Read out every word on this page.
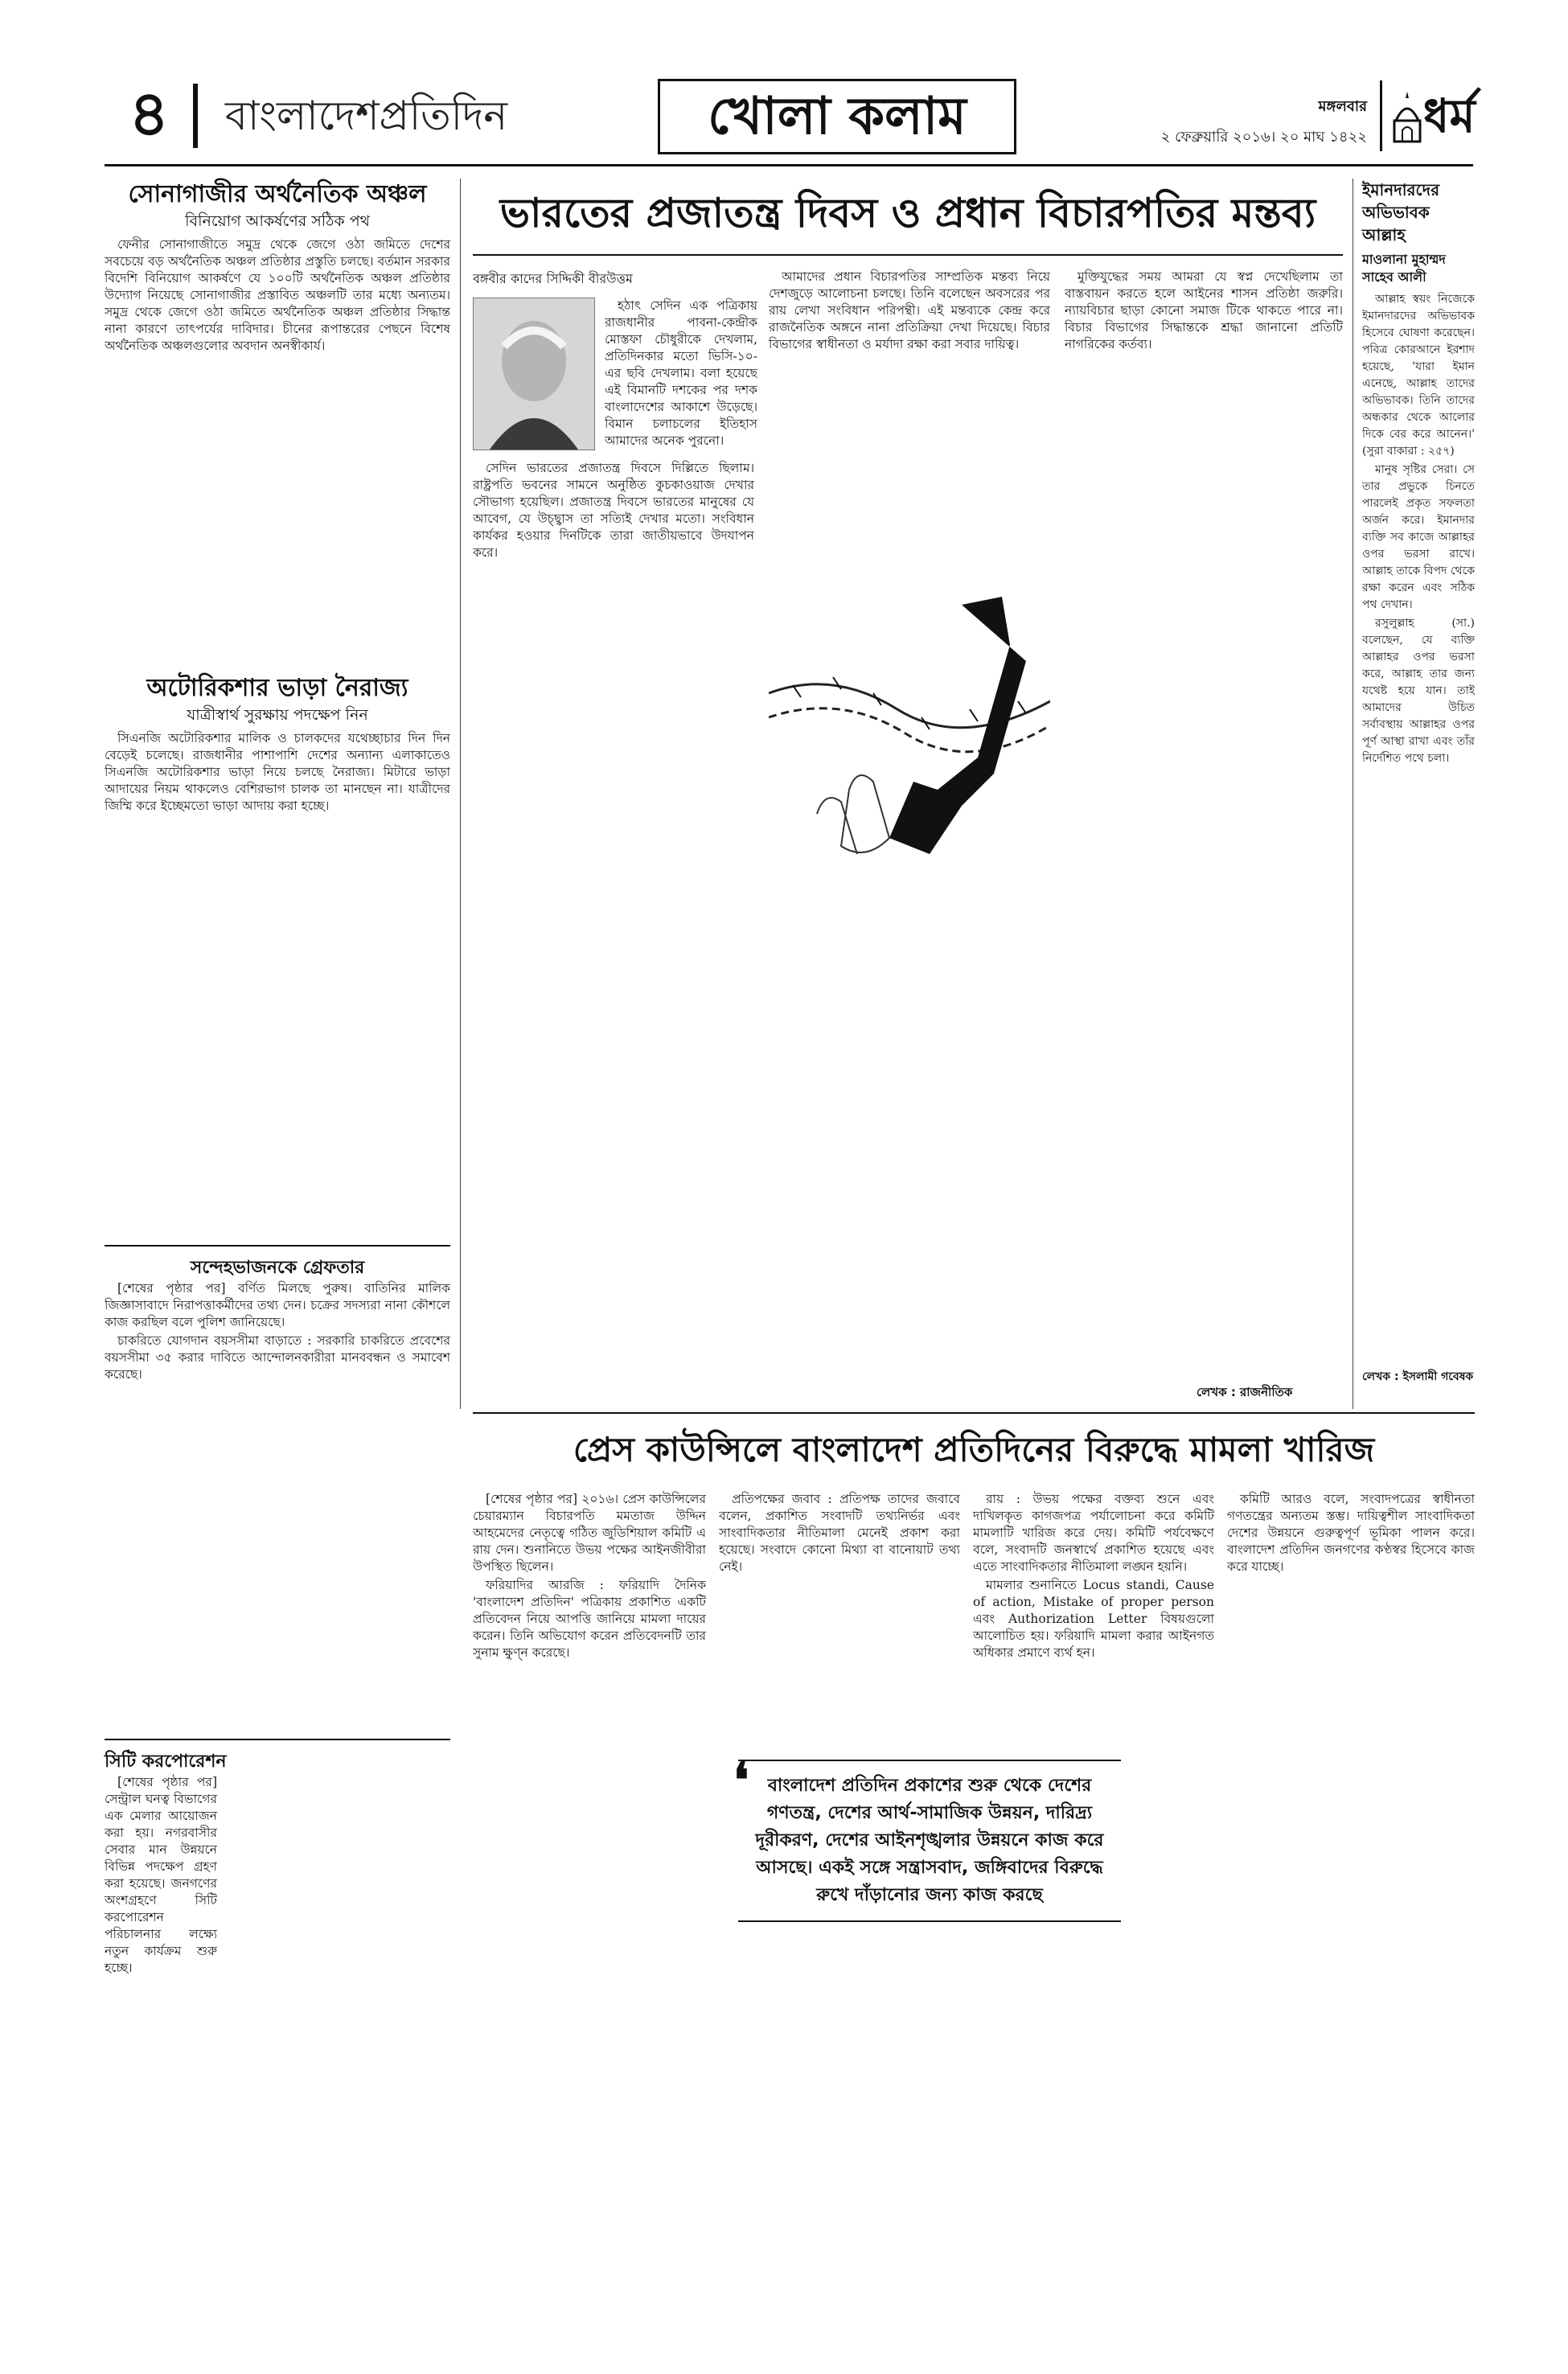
৪ বাংলাদেশপ্রতিদিন	খোলা কলাম	মঙ্গলবার
২ ফেব্রুয়ারি ২০১৬। ২০ মাঘ ১৪২২ ধর্ম
সোনাগাজীর অর্থনৈতিক অঞ্চল
বিনিয়োগ আকর্ষণের সঠিক পথ

ফেনীর সোনাগাজীতে সমুদ্র থেকে জেগে ওঠা জমিতে দেশের সবচেয়ে বড় অর্থনৈতিক অঞ্চল প্রতিষ্ঠার প্রস্তুতি চলছে। বর্তমান সরকার বিদেশি বিনিয়োগ আকর্ষণে যে ১০০টি অর্থনৈতিক অঞ্চল প্রতিষ্ঠার উদ্যোগ নিয়েছে সোনাগাজীর প্রস্তাবিত অঞ্চলটি তার মধ্যে অন্যতম। সমুদ্র থেকে জেগে ওঠা জমিতে অর্থনৈতিক অঞ্চল প্রতিষ্ঠার সিদ্ধান্ত নানা কারণে তাৎপর্যের দাবিদার। চীনের রূপান্তরের পেছনে বিশেষ অর্থনৈতিক অঞ্চলগুলোর অবদান অনস্বীকার্য।

অটোরিকশার ভাড়া নৈরাজ্য
যাত্রীস্বার্থ সুরক্ষায় পদক্ষেপ নিন

সিএনজি অটোরিকশার মালিক ও চালকদের যথেচ্ছাচার দিন দিন বেড়েই চলেছে। রাজধানীর পাশাপাশি দেশের অন্যান্য এলাকাতেও সিএনজি অটোরিকশার ভাড়া নিয়ে চলছে নৈরাজ্য। মিটারে ভাড়া আদায়ের নিয়ম থাকলেও বেশিরভাগ চালক তা মানছেন না। যাত্রীদের জিম্মি করে ইচ্ছেমতো ভাড়া আদায় করা হচ্ছে।

সন্দেহভাজনকে গ্রেফতার

[শেষের পৃষ্ঠার পর] বর্ণিত মিলছে পুরুষ। বাতিনির মালিক জিজ্ঞাসাবাদে নিরাপত্তাকর্মীদের তথ্য দেন। চক্রের সদস্যরা নানা কৌশলে কাজ করছিল বলে পুলিশ জানিয়েছে।

চাকরিতে যোগদান বয়সসীমা বাড়াতে : সরকারি চাকরিতে প্রবেশের বয়সসীমা ৩৫ করার দাবিতে আন্দোলনকারীরা মানববন্ধন ও সমাবেশ করেছে।

সিটি করপোরেশন

[শেষের পৃষ্ঠার পর] সেন্ট্রাল ঘনত্ব বিভাগের এক মেলার আয়োজন করা হয়। নগরবাসীর সেবার মান উন্নয়নে বিভিন্ন পদক্ষেপ গ্রহণ করা হয়েছে। জনগণের অংশগ্রহণে সিটি করপোরেশন পরিচালনার লক্ষ্যে নতুন কার্যক্রম শুরু হচ্ছে।

ভারতের প্রজাতন্ত্র দিবস ও প্রধান বিচারপতির মন্তব্য
বঙ্গবীর কাদের সিদ্দিকী বীরউত্তম

হঠাৎ সেদিন এক পত্রিকায় রাজধানীর পাবনা-কেন্দ্রীক মোস্তফা চৌধুরীকে দেখলাম, প্রতিদিনকার মতো ভিসি-১০-এর ছবি দেখলাম। বলা হয়েছে এই বিমানটি দশকের পর দশক বাংলাদেশের আকাশে উড়েছে। বিমান চলাচলের ইতিহাস আমাদের অনেক পুরনো।

সেদিন ভারতের প্রজাতন্ত্র দিবসে দিল্লিতে ছিলাম। রাষ্ট্রপতি ভবনের সামনে অনুষ্ঠিত কুচকাওয়াজ দেখার সৌভাগ্য হয়েছিল। প্রজাতন্ত্র দিবসে ভারতের মানুষের যে আবেগ, যে উচ্ছ্বাস তা সত্যিই দেখার মতো। সংবিধান কার্যকর হওয়ার দিনটিকে তারা জাতীয়ভাবে উদযাপন করে।

আমাদের প্রধান বিচারপতির সাম্প্রতিক মন্তব্য নিয়ে দেশজুড়ে আলোচনা চলছে। তিনি বলেছেন অবসরের পর রায় লেখা সংবিধান পরিপন্থী। এই মন্তব্যকে কেন্দ্র করে রাজনৈতিক অঙ্গনে নানা প্রতিক্রিয়া দেখা দিয়েছে। বিচার বিভাগের স্বাধীনতা ও মর্যাদা রক্ষা করা সবার দায়িত্ব।

মুক্তিযুদ্ধের সময় আমরা যে স্বপ্ন দেখেছিলাম তা বাস্তবায়ন করতে হলে আইনের শাসন প্রতিষ্ঠা জরুরি। ন্যায়বিচার ছাড়া কোনো সমাজ টিকে থাকতে পারে না। বিচার বিভাগের সিদ্ধান্তকে শ্রদ্ধা জানানো প্রতিটি নাগরিকের কর্তব্য।

লেখক : রাজনীতিক
ইমানদারদের
অভিভাবক আল্লাহ
মাওলানা মুহাম্মদ সাহেব আলী

আল্লাহ স্বয়ং নিজেকে ইমানদারদের অভিভাবক হিসেবে ঘোষণা করেছেন। পবিত্র কোরআনে ইরশাদ হয়েছে, 'যারা ইমান এনেছে, আল্লাহ তাদের অভিভাবক। তিনি তাদের অন্ধকার থেকে আলোর দিকে বের করে আনেন।' (সুরা বাকারা : ২৫৭)

মানুষ সৃষ্টির সেরা। সে তার প্রভুকে চিনতে পারলেই প্রকৃত সফলতা অর্জন করে। ইমানদার ব্যক্তি সব কাজে আল্লাহর ওপর ভরসা রাখে। আল্লাহ তাকে বিপদ থেকে রক্ষা করেন এবং সঠিক পথ দেখান।

রসুলুল্লাহ (সা.) বলেছেন, যে ব্যক্তি আল্লাহর ওপর ভরসা করে, আল্লাহ তার জন্য যথেষ্ট হয়ে যান। তাই আমাদের উচিত সর্বাবস্থায় আল্লাহর ওপর পূর্ণ আস্থা রাখা এবং তাঁর নির্দেশিত পথে চলা।

লেখক : ইসলামী গবেষক
প্রেস কাউন্সিলে বাংলাদেশ প্রতিদিনের বিরুদ্ধে মামলা খারিজ

[শেষের পৃষ্ঠার পর] ২০১৬। প্রেস কাউন্সিলের চেয়ারম্যান বিচারপতি মমতাজ উদ্দিন আহমেদের নেতৃত্বে গঠিত জুডিশিয়াল কমিটি এ রায় দেন। শুনানিতে উভয় পক্ষের আইনজীবীরা উপস্থিত ছিলেন।

ফরিয়াদির আরজি : ফরিয়াদি দৈনিক 'বাংলাদেশ প্রতিদিন' পত্রিকায় প্রকাশিত একটি প্রতিবেদন নিয়ে আপত্তি জানিয়ে মামলা দায়ের করেন। তিনি অভিযোগ করেন প্রতিবেদনটি তার সুনাম ক্ষুণ্ন করেছে।

প্রতিপক্ষের জবাব : প্রতিপক্ষ তাদের জবাবে বলেন, প্রকাশিত সংবাদটি তথ্যনির্ভর এবং সাংবাদিকতার নীতিমালা মেনেই প্রকাশ করা হয়েছে। সংবাদে কোনো মিথ্যা বা বানোয়াট তথ্য নেই।

রায় : উভয় পক্ষের বক্তব্য শুনে এবং দাখিলকৃত কাগজপত্র পর্যালোচনা করে কমিটি মামলাটি খারিজ করে দেয়। কমিটি পর্যবেক্ষণে বলে, সংবাদটি জনস্বার্থে প্রকাশিত হয়েছে এবং এতে সাংবাদিকতার নীতিমালা লঙ্ঘন হয়নি।

মামলার শুনানিতে Locus standi, Cause of action, Mistake of proper person এবং Authorization Letter বিষয়গুলো আলোচিত হয়। ফরিয়াদি মামলা করার আইনগত অধিকার প্রমাণে ব্যর্থ হন।

কমিটি আরও বলে, সংবাদপত্রের স্বাধীনতা গণতন্ত্রের অন্যতম স্তম্ভ। দায়িত্বশীল সাংবাদিকতা দেশের উন্নয়নে গুরুত্বপূর্ণ ভূমিকা পালন করে। বাংলাদেশ প্রতিদিন জনগণের কণ্ঠস্বর হিসেবে কাজ করে যাচ্ছে।

❛	বাংলাদেশ প্রতিদিন প্রকাশের শুরু থেকে দেশের গণতন্ত্র, দেশের আর্থ-সামাজিক উন্নয়ন, দারিদ্র্য দূরীকরণ, দেশের আইনশৃঙ্খলার উন্নয়নে কাজ করে আসছে। একই সঙ্গে সন্ত্রাসবাদ, জঙ্গিবাদের বিরুদ্ধে রুখে দাঁড়ানোর জন্য কাজ করছে
